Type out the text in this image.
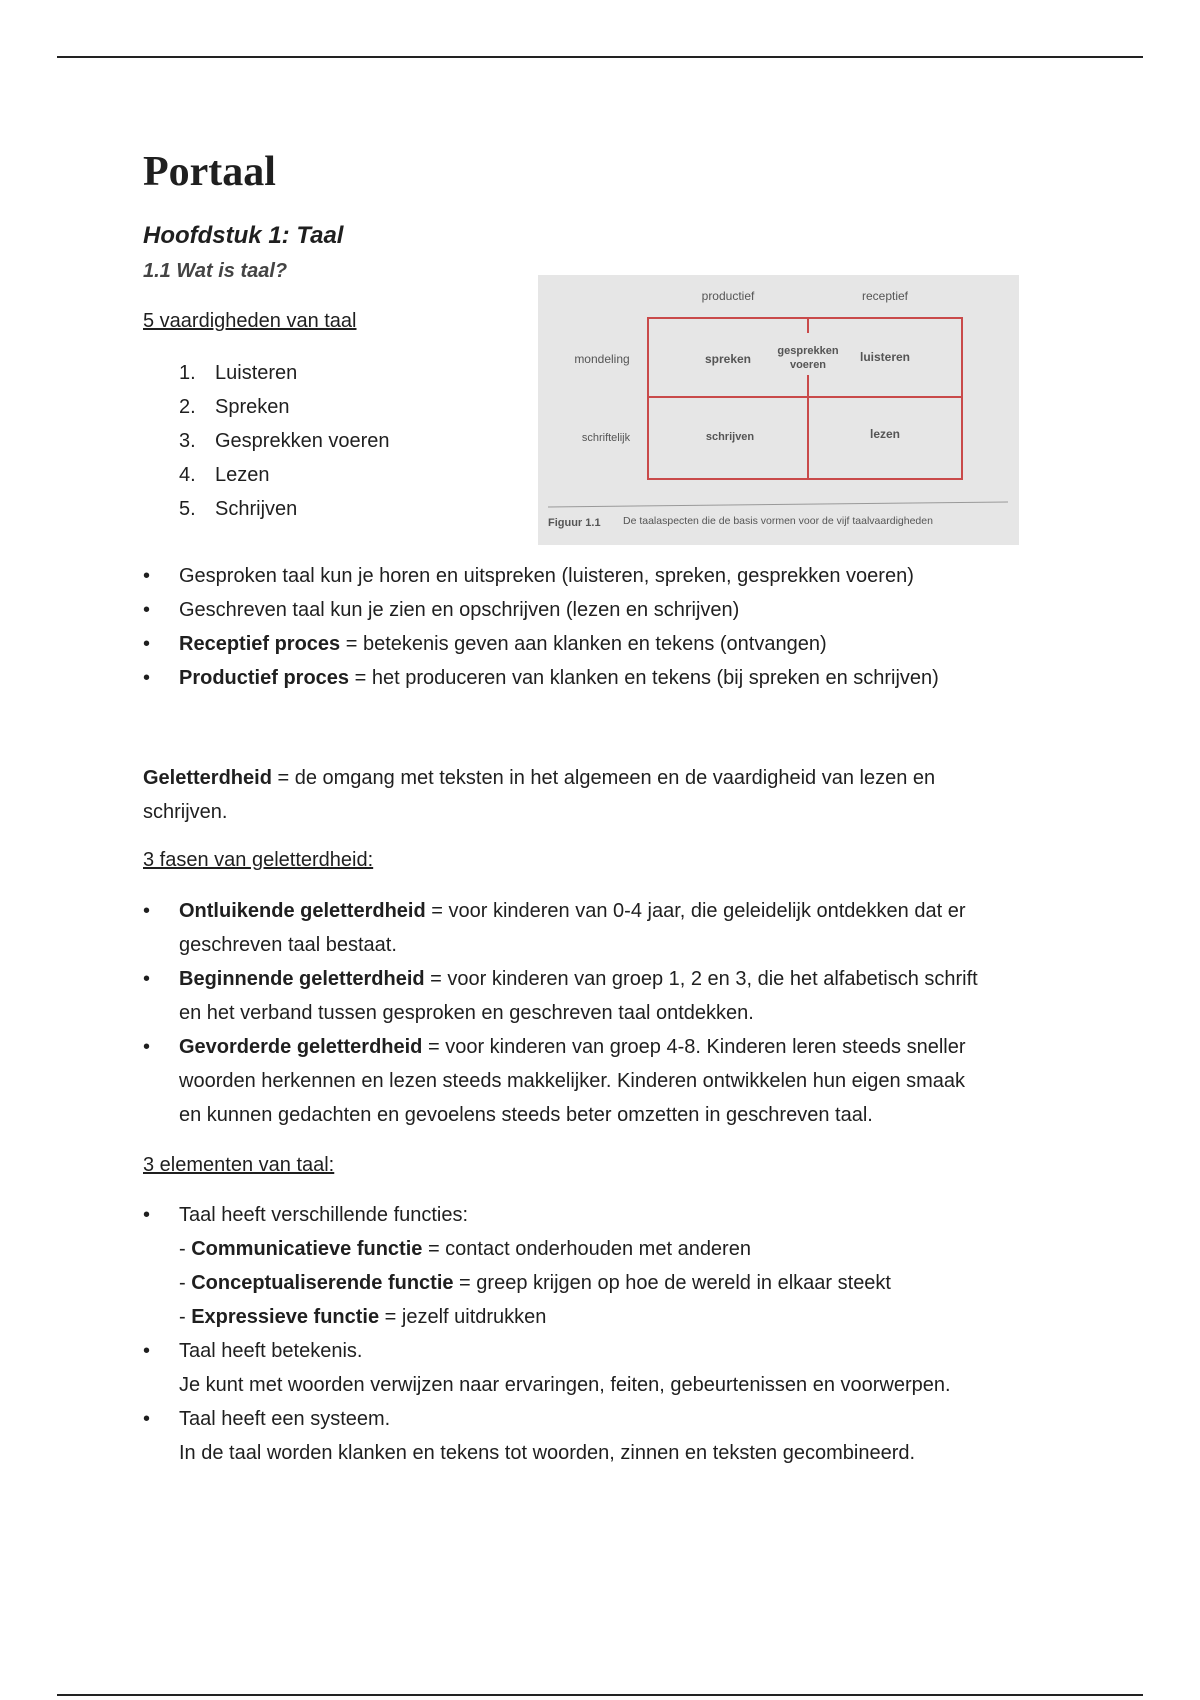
Portaal
Hoofdstuk 1: Taal
1.1 Wat is taal?

5 vaardigheden van taal

1. Luisteren
2. Spreken
3. Gesprekken voeren
4. Lezen
5. Schrijven
• Gesproken taal kun je horen en uitspreken (luisteren, spreken, gesprekken voeren)
• Geschreven taal kun je zien en opschrijven (lezen en schrijven)
• Receptief proces = betekenis geven aan klanken en tekens (ontvangen)
• Productief proces = het produceren van klanken en tekens (bij spreken en schrijven)
Geletterdheid = de omgang met teksten in het algemeen en de vaardigheid van lezen en
schrijven.

3 fasen van geletterdheid:

• Ontluikende geletterdheid = voor kinderen van 0-4 jaar, die geleidelijk ontdekken dat er
geschreven taal bestaat.
• Beginnende geletterdheid = voor kinderen van groep 1, 2 en 3, die het alfabetisch schrift
en het verband tussen gesproken en geschreven taal ontdekken.
• Gevorderde geletterdheid = voor kinderen van groep 4-8. Kinderen leren steeds sneller
woorden herkennen en lezen steeds makkelijker. Kinderen ontwikkelen hun eigen smaak
en kunnen gedachten en gevoelens steeds beter omzetten in geschreven taal.

3 elementen van taal:

• Taal heeft verschillende functies:
- Communicatieve functie = contact onderhouden met anderen
- Conceptualiserende functie = greep krijgen op hoe de wereld in elkaar steekt
- Expressieve functie = jezelf uitdrukken
• Taal heeft betekenis.
Je kunt met woorden verwijzen naar ervaringen, feiten, gebeurtenissen en voorwerpen.
• Taal heeft een systeem.
In de taal worden klanken en tekens tot woorden, zinnen en teksten gecombineerd.
productief	receptief
mondeling
schriftelijk
spreken
gesprekken
voeren
luisteren
schrijven	lezen
Figuur 1.1 De taalaspecten die de basis vormen voor de vijf taalvaardigheden
